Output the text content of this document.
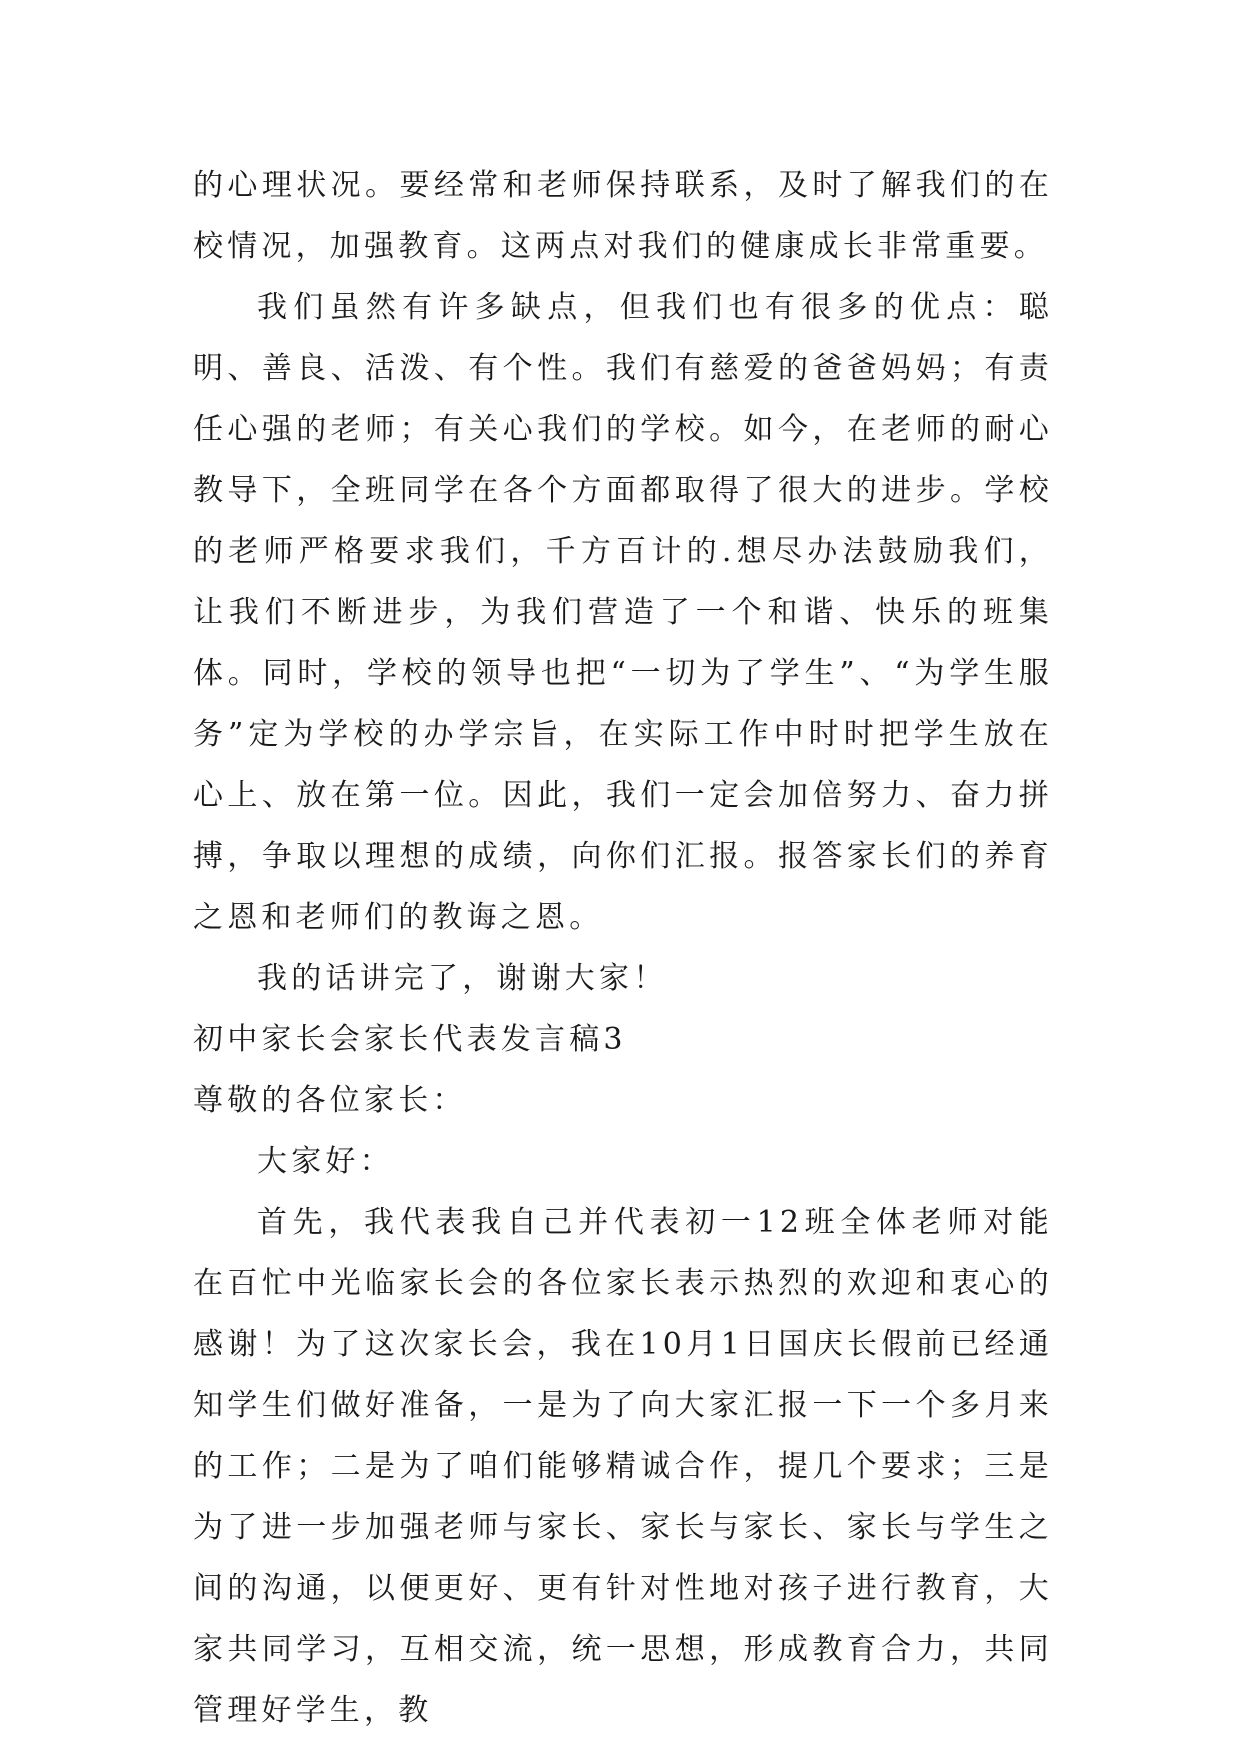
的心理状况。要经常和老师保持联系，及时了解我们的在校情况，加强教育。这两点对我们的健康成长非常重要。

我们虽然有许多缺点，但我们也有很多的优点：聪明、善良、活泼、有个性。我们有慈爱的爸爸妈妈；有责任心强的老师；有关心我们的学校。如今，在老师的耐心教导下，全班同学在各个方面都取得了很大的进步。学校的老师严格要求我们，千方百计的.想尽办法鼓励我们，让我们不断进步，为我们营造了一个和谐、快乐的班集体。同时，学校的领导也把“一切为了学生”、“为学生服务”定为学校的办学宗旨，在实际工作中时时把学生放在心上、放在第一位。因此，我们一定会加倍努力、奋力拼搏，争取以理想的成绩，向你们汇报。报答家长们的养育之恩和老师们的教诲之恩。

我的话讲完了，谢谢大家！

初中家长会家长代表发言稿3

尊敬的各位家长：

大家好：

首先，我代表我自己并代表初一12班全体老师对能在百忙中光临家长会的各位家长表示热烈的欢迎和衷心的感谢！为了这次家长会，我在10月1日国庆长假前已经通知学生们做好准备，一是为了向大家汇报一下一个多月来的工作；二是为了咱们能够精诚合作，提几个要求；三是为了进一步加强老师与家长、家长与家长、家长与学生之间的沟通，以便更好、更有针对性地对孩子进行教育，大家共同学习，互相交流，统一思想，形成教育合力，共同管理好学生，教
